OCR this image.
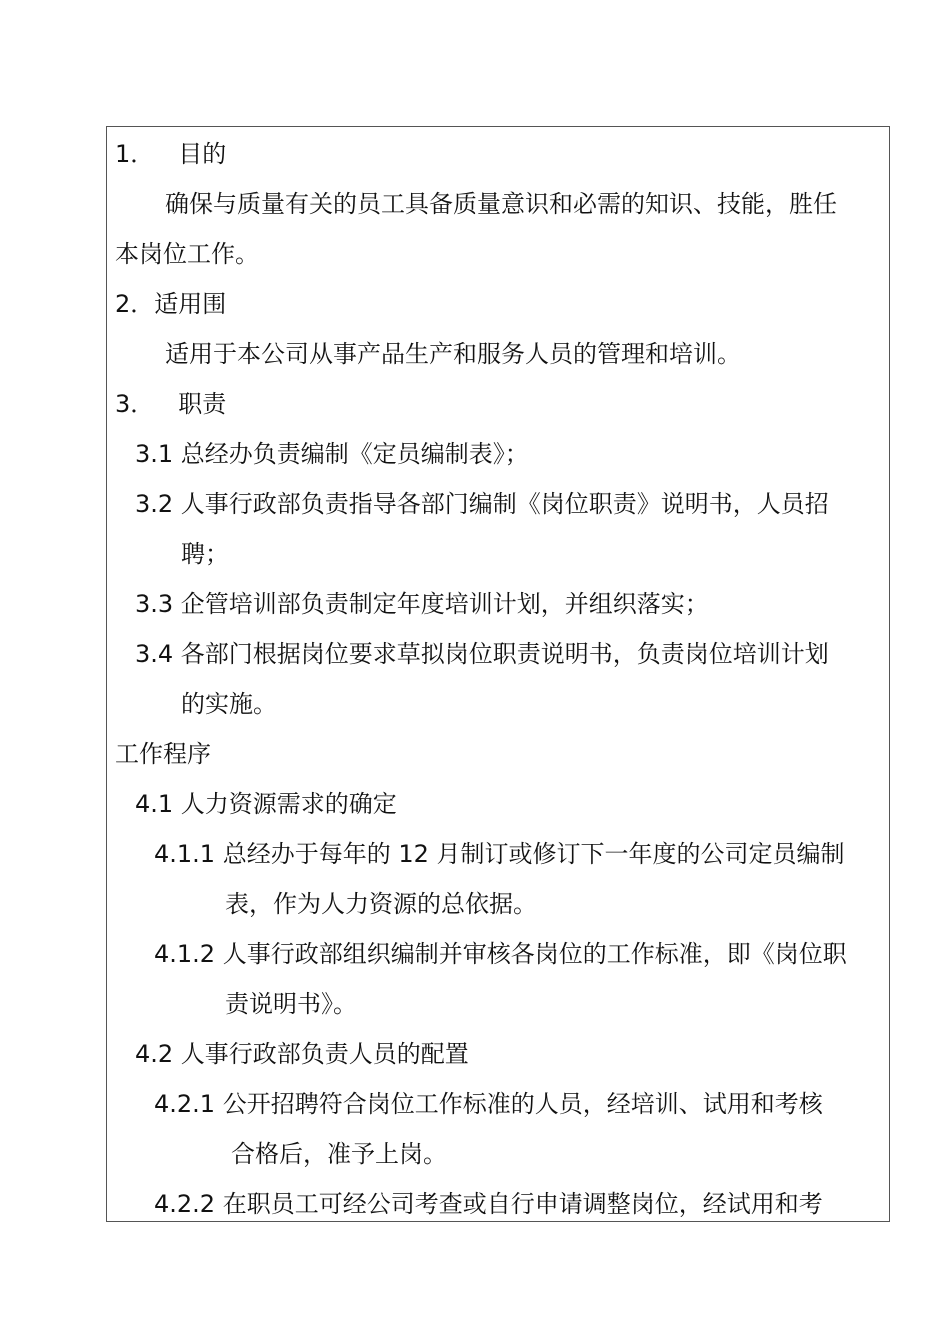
1． 目的
确保与质量有关的员工具备质量意识和必需的知识、技能，胜任
本岗位工作。
2．适用围
适用于本公司从事产品生产和服务人员的管理和培训。
3． 职责
3.1 总经办负责编制《定员编制表》；
3.2 人事行政部负责指导各部门编制《岗位职责》说明书，人员招
聘；
3.3 企管培训部负责制定年度培训计划，并组织落实；
3.4 各部门根据岗位要求草拟岗位职责说明书，负责岗位培训计划
的实施。
工作程序
4.1 人力资源需求的确定
4.1.1 总经办于每年的 12 月制订或修订下一年度的公司定员编制
表，作为人力资源的总依据。
4.1.2 人事行政部组织编制并审核各岗位的工作标准，即《岗位职
责说明书》。
4.2 人事行政部负责人员的配置
4.2.1 公开招聘符合岗位工作标准的人员，经培训、试用和考核
合格后，准予上岗。
4.2.2 在职员工可经公司考查或自行申请调整岗位，经试用和考
